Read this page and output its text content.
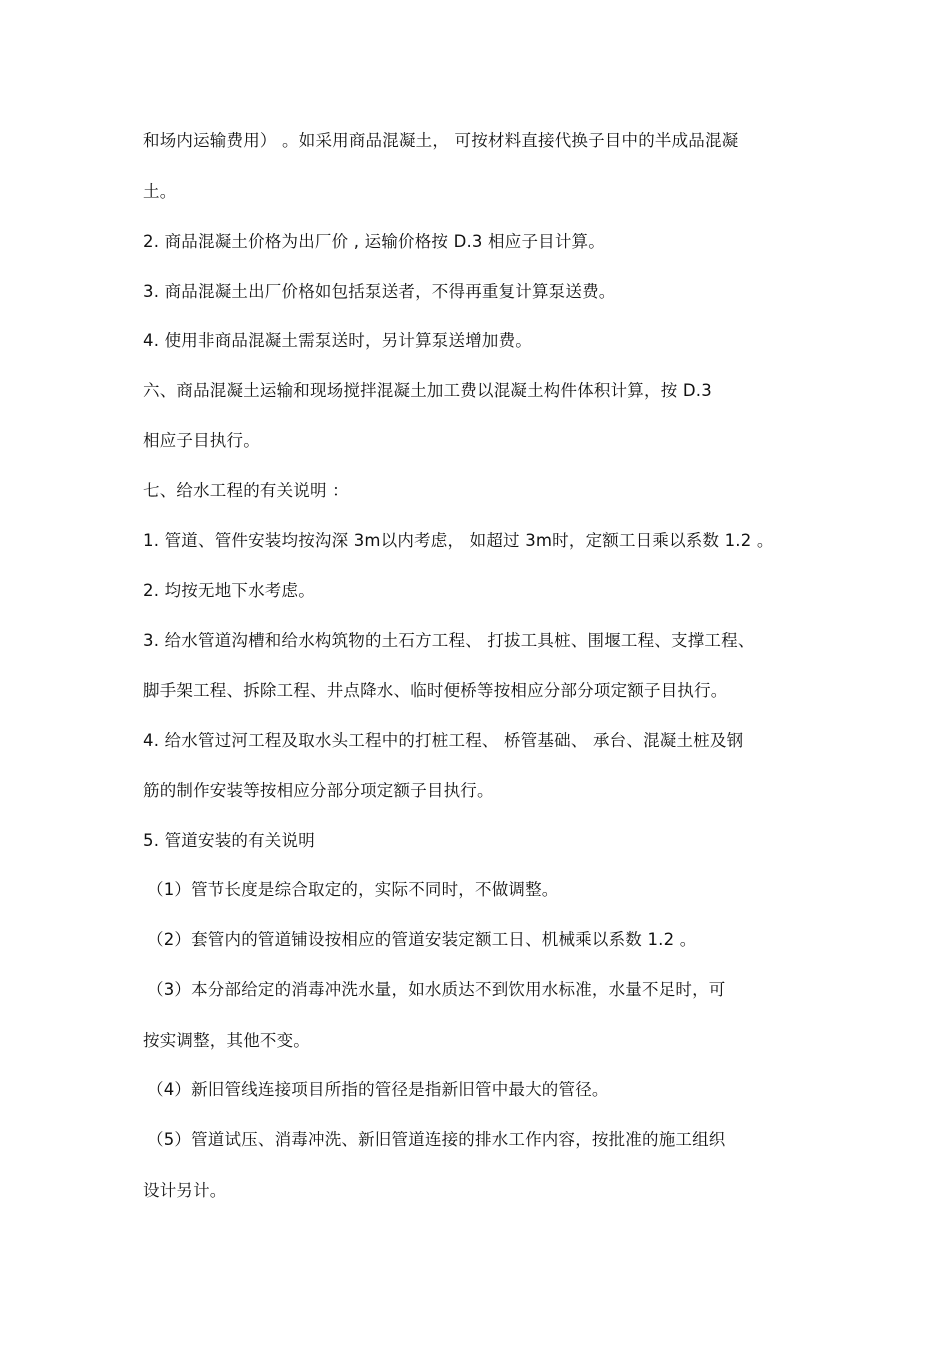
和场内运输费用） 。如采用商品混凝土， 可按材料直接代换子目中的半成品混凝
土。
2. 商品混凝土价格为出厂价 , 运输价格按 D.3 相应子目计算。
3. 商品混凝土出厂价格如包括泵送者，不得再重复计算泵送费。
4. 使用非商品混凝土需泵送时，另计算泵送增加费。
六、商品混凝土运输和现场搅拌混凝土加工费以混凝土构件体积计算，按 D.3
相应子目执行。
七、给水工程的有关说明 ：
1. 管道、管件安装均按沟深 3m以内考虑， 如超过 3m时，定额工日乘以系数 1.2 。
2. 均按无地下水考虑。
3. 给水管道沟槽和给水构筑物的土石方工程、 打拔工具桩、围堰工程、支撑工程、
脚手架工程、拆除工程、井点降水、临时便桥等按相应分部分项定额子目执行。
4. 给水管过河工程及取水头工程中的打桩工程、 桥管基础、 承台、混凝土桩及钢
筋的制作安装等按相应分部分项定额子目执行。
5. 管道安装的有关说明
（1）管节长度是综合取定的，实际不同时，不做调整。
（2）套管内的管道铺设按相应的管道安装定额工日、机械乘以系数 1.2 。
（3）本分部给定的消毒冲洗水量，如水质达不到饮用水标准，水量不足时，可
按实调整，其他不变。
（4）新旧管线连接项目所指的管径是指新旧管中最大的管径。
（5）管道试压、消毒冲洗、新旧管道连接的排水工作内容，按批准的施工组织
设计另计。
